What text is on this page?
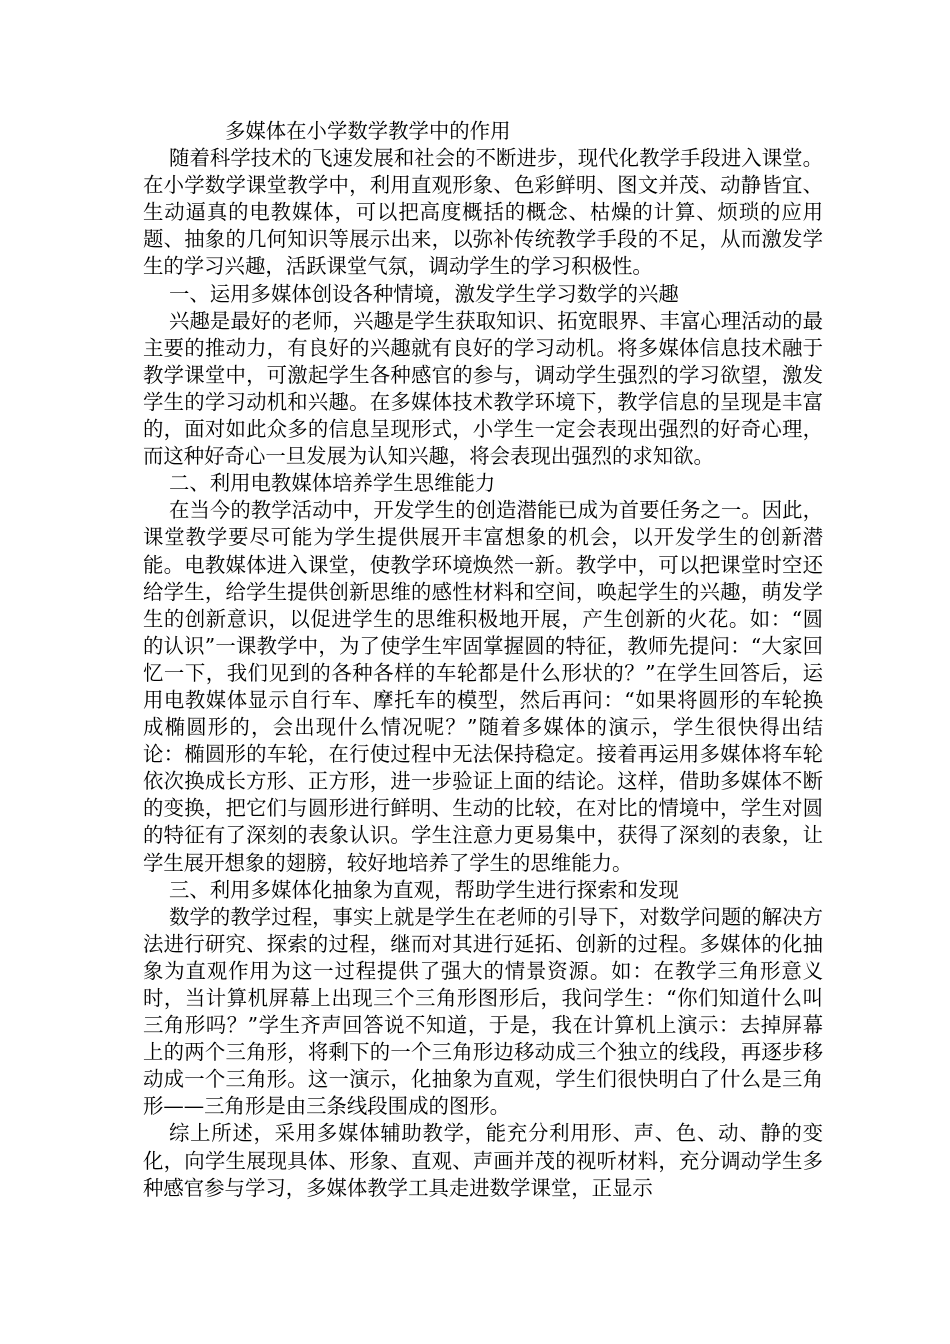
多媒体在小学数学教学中的作用

随着科学技术的飞速发展和社会的不断进步，现代化教学手段进入课堂。在小学数学课堂教学中，利用直观形象、色彩鲜明、图文并茂、动静皆宜、生动逼真的电教媒体，可以把高度概括的概念、枯燥的计算、烦琐的应用题、抽象的几何知识等展示出来，以弥补传统教学手段的不足，从而激发学生的学习兴趣，活跃课堂气氛，调动学生的学习积极性。

一、运用多媒体创设各种情境，激发学生学习数学的兴趣

兴趣是最好的老师，兴趣是学生获取知识、拓宽眼界、丰富心理活动的最主要的推动力，有良好的兴趣就有良好的学习动机。将多媒体信息技术融于教学课堂中，可激起学生各种感官的参与，调动学生强烈的学习欲望，激发学生的学习动机和兴趣。在多媒体技术教学环境下，教学信息的呈现是丰富的，面对如此众多的信息呈现形式，小学生一定会表现出强烈的好奇心理，而这种好奇心一旦发展为认知兴趣，将会表现出强烈的求知欲。

二、利用电教媒体培养学生思维能力

在当今的教学活动中，开发学生的创造潜能已成为首要任务之一。因此，课堂教学要尽可能为学生提供展开丰富想象的机会，以开发学生的创新潜能。电教媒体进入课堂，使教学环境焕然一新。教学中，可以把课堂时空还给学生，给学生提供创新思维的感性材料和空间，唤起学生的兴趣，萌发学生的创新意识，以促进学生的思维积极地开展，产生创新的火花。如：“圆的认识”一课教学中，为了使学生牢固掌握圆的特征，教师先提问：“大家回忆一下，我们见到的各种各样的车轮都是什么形状的？”在学生回答后，运用电教媒体显示自行车、摩托车的模型，然后再问：“如果将圆形的车轮换成椭圆形的，会出现什么情况呢？”随着多媒体的演示，学生很快得出结论：椭圆形的车轮，在行使过程中无法保持稳定。接着再运用多媒体将车轮依次换成长方形、正方形，进一步验证上面的结论。这样，借助多媒体不断的变换，把它们与圆形进行鲜明、生动的比较，在对比的情境中，学生对圆的特征有了深刻的表象认识。学生注意力更易集中，获得了深刻的表象，让学生展开想象的翅膀，较好地培养了学生的思维能力。

三、利用多媒体化抽象为直观，帮助学生进行探索和发现

数学的教学过程，事实上就是学生在老师的引导下，对数学问题的解决方法进行研究、探索的过程，继而对其进行延拓、创新的过程。多媒体的化抽象为直观作用为这一过程提供了强大的情景资源。如：在教学三角形意义时，当计算机屏幕上出现三个三角形图形后，我问学生：“你们知道什么叫三角形吗？”学生齐声回答说不知道，于是，我在计算机上演示：去掉屏幕上的两个三角形，将剩下的一个三角形边移动成三个独立的线段，再逐步移动成一个三角形。这一演示，化抽象为直观，学生们很快明白了什么是三角形——三角形是由三条线段围成的图形。

综上所述，采用多媒体辅助教学，能充分利用形、声、色、动、静的变化，向学生展现具体、形象、直观、声画并茂的视听材料，充分调动学生多种感官参与学习，多媒体教学工具走进数学课堂，正显示
